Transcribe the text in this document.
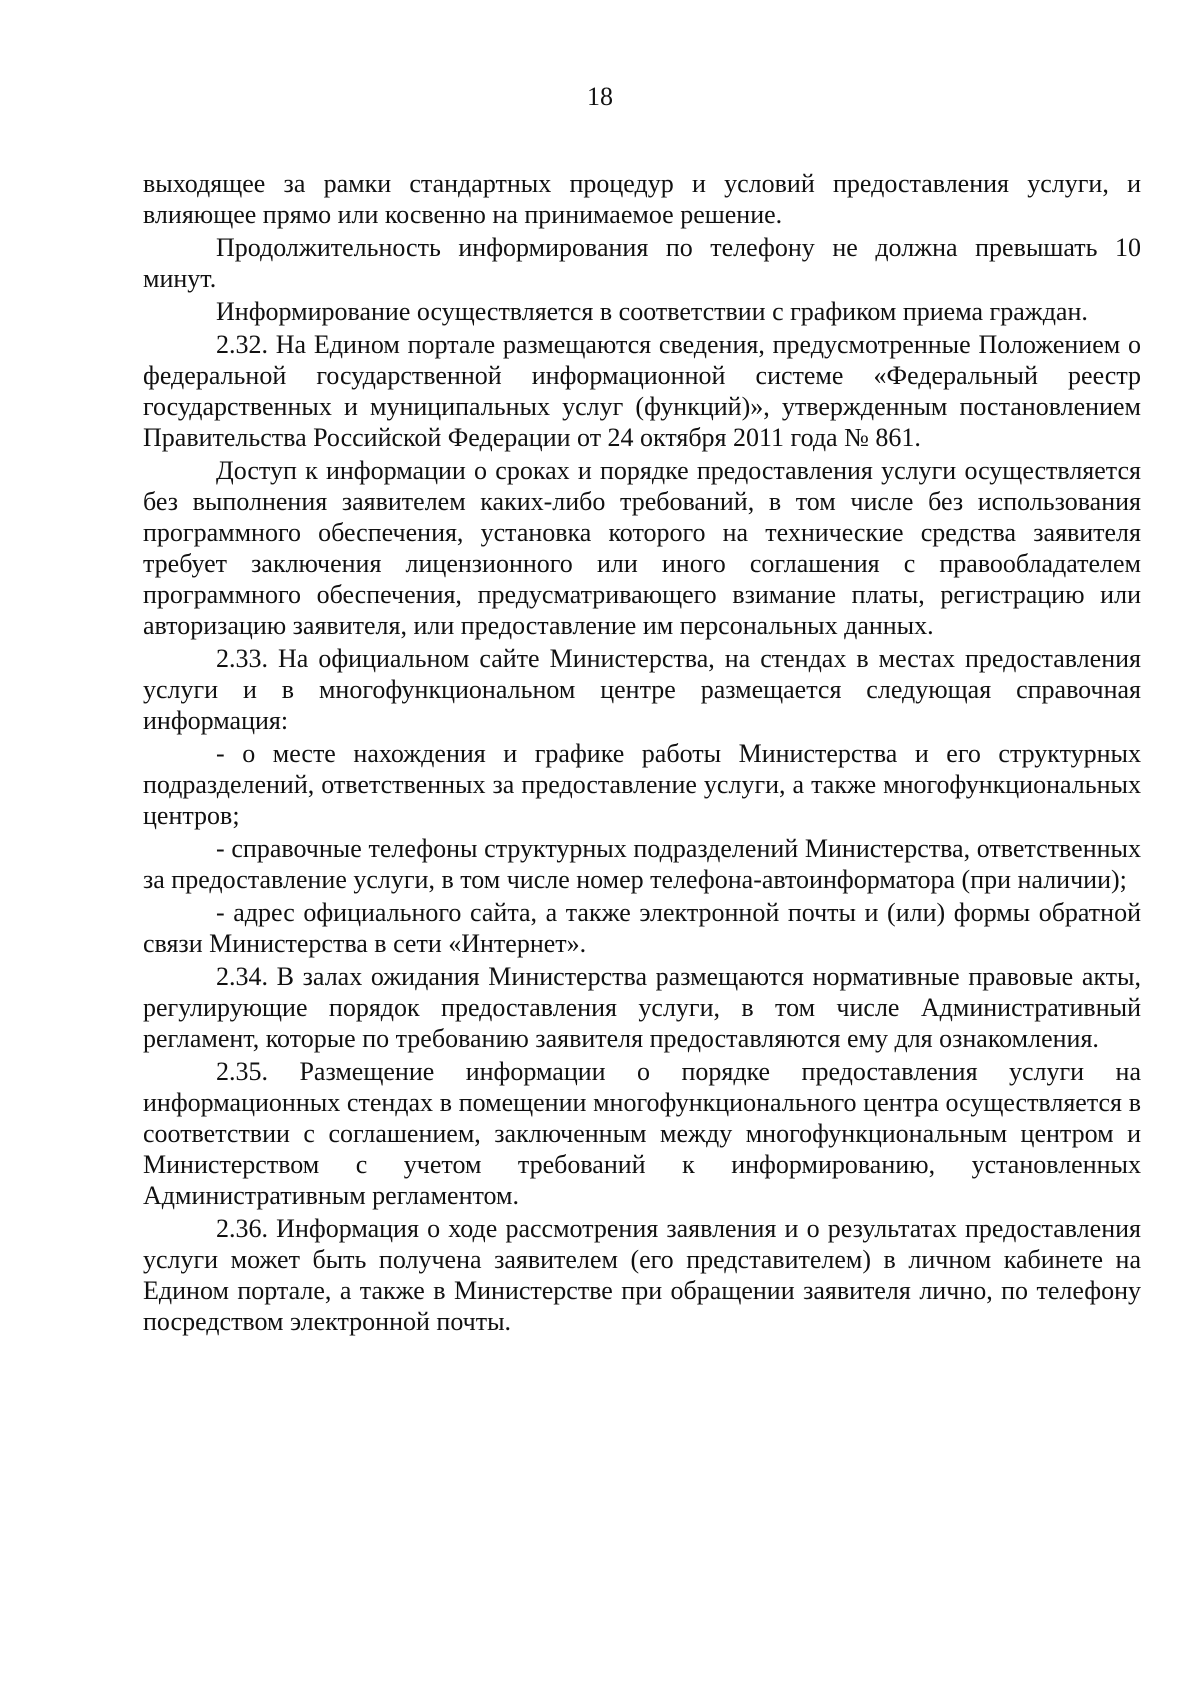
18

выходящее за рамки стандартных процедур и условий предоставления услуги, и влияющее прямо или косвенно на принимаемое решение.

Продолжительность информирования по телефону не должна превышать 10 минут.

Информирование осуществляется в соответствии с графиком приема граждан.

2.32. На Едином портале размещаются сведения, предусмотренные Положением о федеральной государственной информационной системе «Федеральный реестр государственных и муниципальных услуг (функций)», утвержденным постановлением Правительства Российской Федерации от 24 октября 2011 года № 861.

Доступ к информации о сроках и порядке предоставления услуги осуществляется без выполнения заявителем каких-либо требований, в том числе без использования программного обеспечения, установка которого на технические средства заявителя требует заключения лицензионного или иного соглашения с правообладателем программного обеспечения, предусматривающего взимание платы, регистрацию или авторизацию заявителя, или предоставление им персональных данных.

2.33. На официальном сайте Министерства, на стендах в местах предоставления услуги и в многофункциональном центре размещается следующая справочная информация:

- о месте нахождения и графике работы Министерства и его структурных подразделений, ответственных за предоставление услуги, а также многофункциональных центров;

- справочные телефоны структурных подразделений Министерства, ответственных за предоставление услуги, в том числе номер телефона-автоинформатора (при наличии);

- адрес официального сайта, а также электронной почты и (или) формы обратной связи Министерства в сети «Интернет».

2.34. В залах ожидания Министерства размещаются нормативные правовые акты, регулирующие порядок предоставления услуги, в том числе Административный регламент, которые по требованию заявителя предоставляются ему для ознакомления.

2.35. Размещение информации о порядке предоставления услуги на информационных стендах в помещении многофункционального центра осуществляется в соответствии с соглашением, заключенным между многофункциональным центром и Министерством с учетом требований к информированию, установленных Административным регламентом.

2.36. Информация о ходе рассмотрения заявления и о результатах предоставления услуги может быть получена заявителем (его представителем) в личном кабинете на Едином портале, а также в Министерстве при обращении заявителя лично, по телефону посредством электронной почты.
